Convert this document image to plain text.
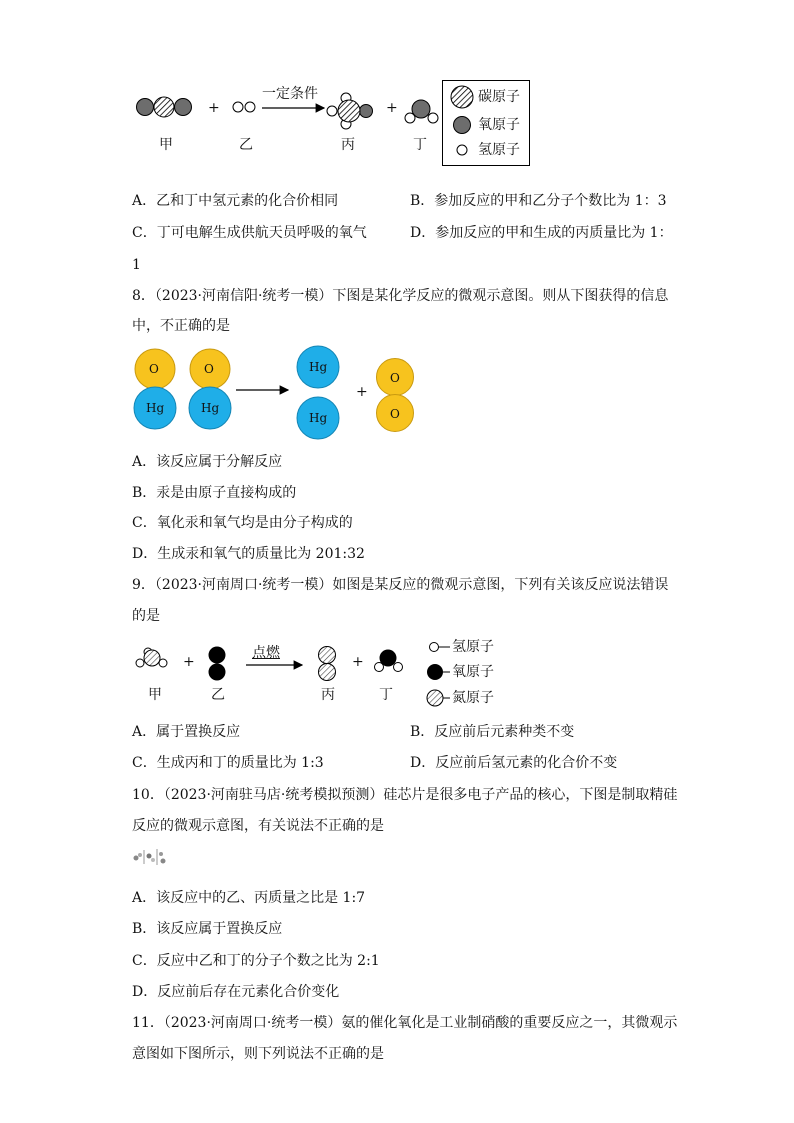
甲
+
乙
一定条件
丙
+
丁
碳原子
氧原子
氢原子
A．乙和丁中氢元素的化合价相同	B．参加反应的甲和乙分子个数比为 1：3
C．丁可电解生成供航天员呼吸的氧气	D．参加反应的甲和生成的丙质量比为 1：
1
8．（2023·河南信阳·统考一模）下图是某化学反应的微观示意图。则从下图获得的信息
中，不正确的是
O
Hg
O
Hg
Hg
Hg
+
O
O
A．该反应属于分解反应
B．汞是由原子直接构成的
C．氧化汞和氧气均是由分子构成的
D．生成汞和氧气的质量比为 201:32
9．（2023·河南周口·统考一模）如图是某反应的微观示意图，下列有关该反应说法错误
的是
甲
+
乙
点燃
丙
+
丁
氢原子
氧原子
氮原子
A．属于置换反应	B．反应前后元素种类不变
C．生成丙和丁的质量比为 1:3	D．反应前后氢元素的化合价不变
10．（2023·河南驻马店·统考模拟预测）硅芯片是很多电子产品的核心，下图是制取精硅
反应的微观示意图，有关说法不正确的是
A．该反应中的乙、丙质量之比是 1:7
B．该反应属于置换反应
C．反应中乙和丁的分子个数之比为 2:1
D．反应前后存在元素化合价变化
11．（2023·河南周口·统考一模）氨的催化氧化是工业制硝酸的重要反应之一，其微观示
意图如下图所示，则下列说法不正确的是
